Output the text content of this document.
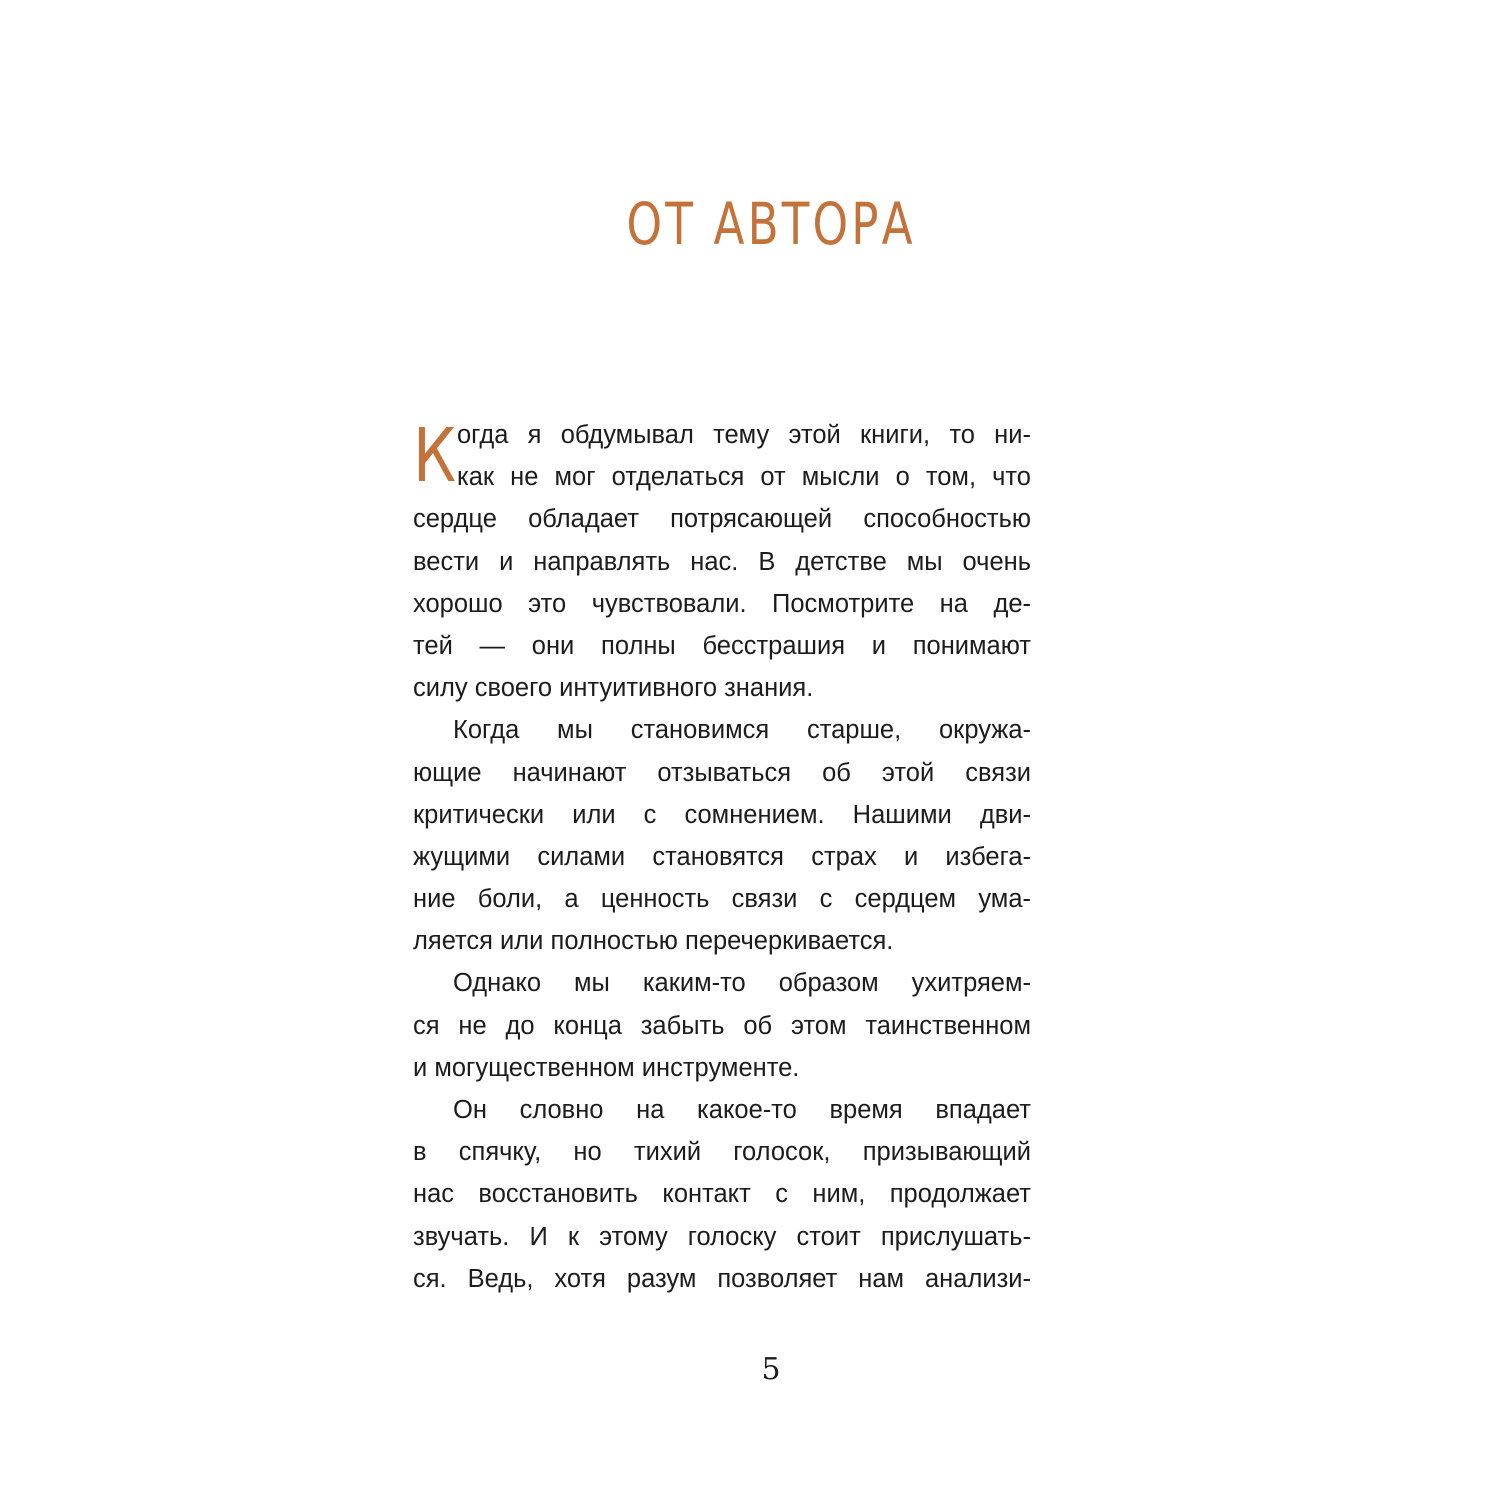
ОТ АВТОРА
К огда я обдумывал тему этой книги, то ни-
как не мог отделаться от мысли о том, что
сердце обладает потрясающей способностью
вести и направлять нас. В детстве мы очень
хорошо это чувствовали. Посмотрите на де-
тей — они полны бесстрашия и понимают
силу своего интуитивного знания.
Когда мы становимся старше, окружа-
ющие начинают отзываться об этой связи
критически или с сомнением. Нашими дви-
жущими силами становятся страх и избега-
ние боли, а ценность связи с сердцем ума-
ляется или полностью перечеркивается.
Однако мы каким-то образом ухитряем-
ся не до конца забыть об этом таинственном
и могущественном инструменте.
Он словно на какое-то время впадает
в спячку, но тихий голосок, призывающий
нас восстановить контакт с ним, продолжает
звучать. И к этому голоску стоит прислушать-
ся. Ведь, хотя разум позволяет нам анализи-

5
